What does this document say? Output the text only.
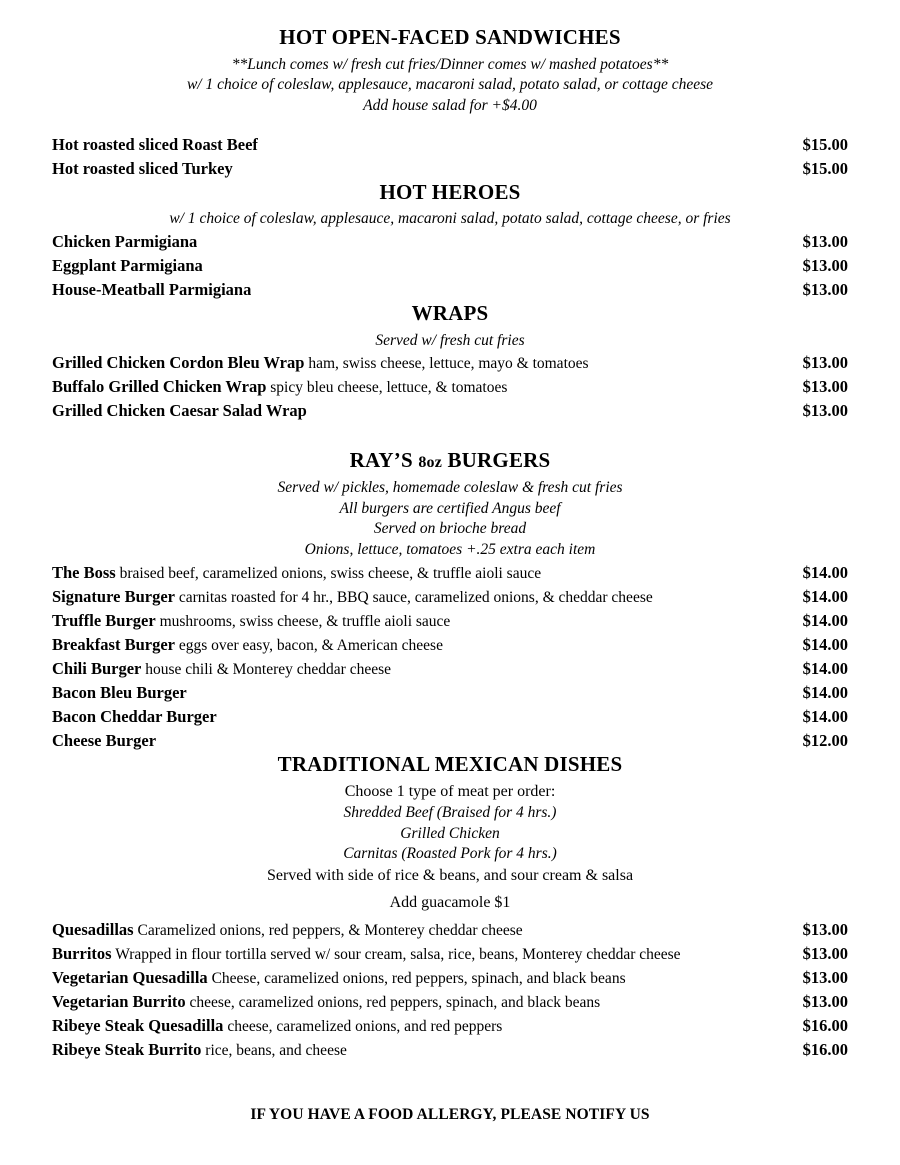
HOT OPEN-FACED SANDWICHES
**Lunch comes w/ fresh cut fries/Dinner comes w/ mashed potatoes**
w/ 1 choice of coleslaw, applesauce, macaroni salad, potato salad, or cottage cheese
Add house salad for +$4.00
Hot roasted sliced Roast Beef	$15.00
Hot roasted sliced Turkey	$15.00
HOT HEROES
w/ 1 choice of coleslaw, applesauce, macaroni salad, potato salad, cottage cheese, or fries
Chicken Parmigiana	$13.00
Eggplant Parmigiana	$13.00
House-Meatball Parmigiana	$13.00
WRAPS
Served w/ fresh cut fries
Grilled Chicken Cordon Bleu Wrap ham, swiss cheese, lettuce, mayo & tomatoes	$13.00
Buffalo Grilled Chicken Wrap spicy bleu cheese, lettuce, & tomatoes	$13.00
Grilled Chicken Caesar Salad Wrap	$13.00
RAY’S 8oz BURGERS
Served w/ pickles, homemade coleslaw & fresh cut fries
All burgers are certified Angus beef
Served on brioche bread
Onions, lettuce, tomatoes +.25 extra each item
The Boss braised beef, caramelized onions, swiss cheese, & truffle aioli sauce	$14.00
Signature Burger carnitas roasted for 4 hr., BBQ sauce, caramelized onions, & cheddar cheese	$14.00
Truffle Burger mushrooms, swiss cheese, & truffle aioli sauce	$14.00
Breakfast Burger eggs over easy, bacon, & American cheese	$14.00
Chili Burger house chili & Monterey cheddar cheese	$14.00
Bacon Bleu Burger	$14.00
Bacon Cheddar Burger	$14.00
Cheese Burger	$12.00
TRADITIONAL MEXICAN DISHES
Choose 1 type of meat per order:
Shredded Beef (Braised for 4 hrs.)
Grilled Chicken
Carnitas (Roasted Pork for 4 hrs.)
Served with side of rice & beans, and sour cream & salsa
Add guacamole $1
Quesadillas Caramelized onions, red peppers, & Monterey cheddar cheese	$13.00
Burritos Wrapped in flour tortilla served w/ sour cream, salsa, rice, beans, Monterey cheddar cheese	$13.00
Vegetarian Quesadilla Cheese, caramelized onions, red peppers, spinach, and black beans	$13.00
Vegetarian Burrito cheese, caramelized onions, red peppers, spinach, and black beans	$13.00
Ribeye Steak Quesadilla cheese, caramelized onions, and red peppers	$16.00
Ribeye Steak Burrito rice, beans, and cheese	$16.00
IF YOU HAVE A FOOD ALLERGY, PLEASE NOTIFY US
